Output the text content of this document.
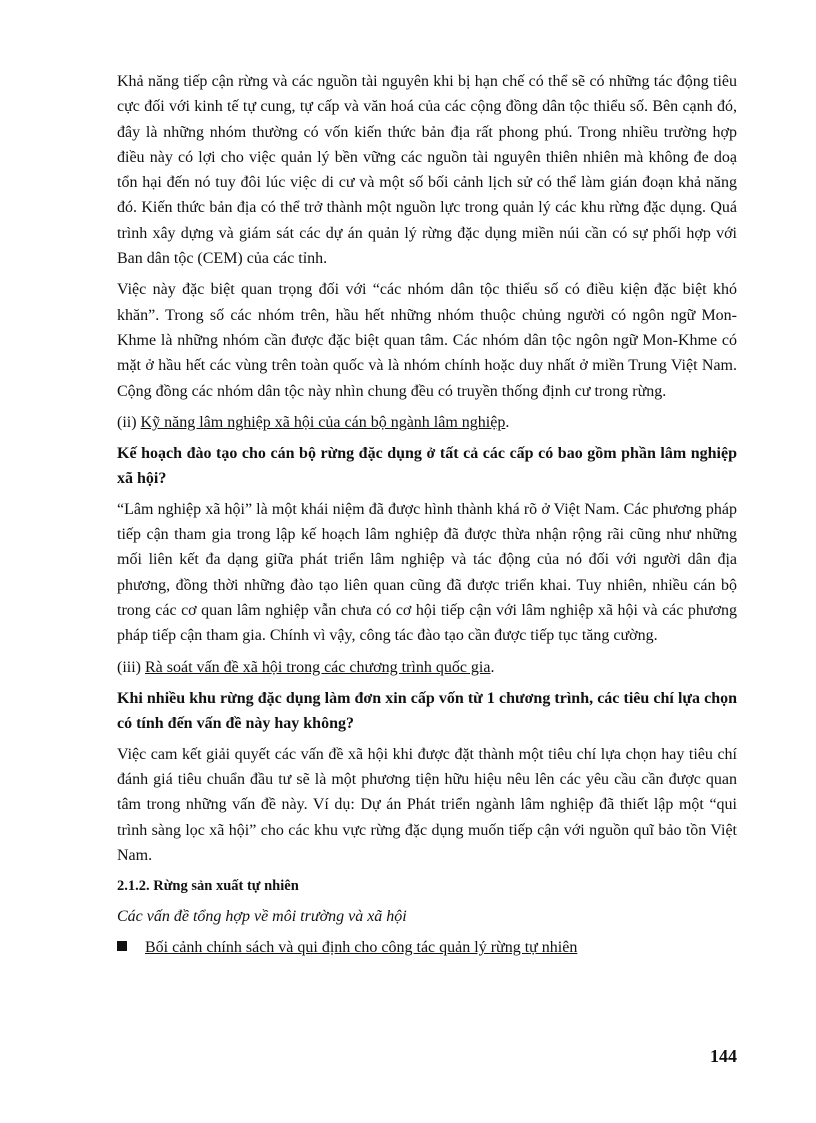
Khả năng tiếp cận rừng và các nguồn tài nguyên khi bị hạn chế có thể sẽ có những tác động tiêu cực đối với kinh tế tự cung, tự cấp và văn hoá của các cộng đồng dân tộc thiểu số. Bên cạnh đó, đây là những nhóm thường có vốn kiến thức bản địa rất phong phú. Trong nhiều trường hợp điều này có lợi cho việc quản lý bền vững các nguồn tài nguyên thiên nhiên mà không đe doạ tổn hại đến nó tuy đôi lúc việc di cư và một số bối cảnh lịch sử có thể làm gián đoạn khả năng đó. Kiến thức bản địa có thể trở thành một nguồn lực trong quản lý các khu rừng đặc dụng. Quá trình xây dựng và giám sát các dự án quản lý rừng đặc dụng miền núi cần có sự phối hợp với Ban dân tộc (CEM) của các tỉnh.

Việc này đặc biệt quan trọng đối với “các nhóm dân tộc thiểu số có điều kiện đặc biệt khó khăn”. Trong số các nhóm trên, hầu hết những nhóm thuộc chủng người có ngôn ngữ Mon-Khme là những nhóm cần được đặc biệt quan tâm. Các nhóm dân tộc ngôn ngữ Mon-Khme có mặt ở hầu hết các vùng trên toàn quốc và là nhóm chính hoặc duy nhất ở miền Trung Việt Nam. Cộng đồng các nhóm dân tộc này nhìn chung đều có truyền thống định cư trong rừng.

(ii) Kỹ năng lâm nghiệp xã hội của cán bộ ngành lâm nghiệp.
Kế hoạch đào tạo cho cán bộ rừng đặc dụng ở tất cả các cấp có bao gồm phần lâm nghiệp xã hội?

“Lâm nghiệp xã hội” là một khái niệm đã được hình thành khá rõ ở Việt Nam. Các phương pháp tiếp cận tham gia trong lập kế hoạch lâm nghiệp đã được thừa nhận rộng rãi cũng như những mối liên kết đa dạng giữa phát triển lâm nghiệp và tác động của nó đối với người dân địa phương, đồng thời những đào tạo liên quan cũng đã được triển khai. Tuy nhiên, nhiều cán bộ trong các cơ quan lâm nghiệp vẫn chưa có cơ hội tiếp cận với lâm nghiệp xã hội và các phương pháp tiếp cận tham gia. Chính vì vậy, công tác đào tạo cần được tiếp tục tăng cường.

(iii) Rà soát vấn đề xã hội trong các chương trình quốc gia.
Khi nhiều khu rừng đặc dụng làm đơn xin cấp vốn từ 1 chương trình, các tiêu chí lựa chọn có tính đến vấn đề này hay không?

Việc cam kết giải quyết các vấn đề xã hội khi được đặt thành một tiêu chí lựa chọn hay tiêu chí đánh giá tiêu chuẩn đầu tư sẽ là một phương tiện hữu hiệu nêu lên các yêu cầu cần được quan tâm trong những vấn đề này. Ví dụ: Dự án Phát triển ngành lâm nghiệp đã thiết lập một “qui trình sàng lọc xã hội” cho các khu vực rừng đặc dụng muốn tiếp cận với nguồn quĩ bảo tồn Việt Nam.

2.1.2. Rừng sản xuất tự nhiên
Các vấn đề tổng hợp về môi trường và xã hội
Bối cảnh chính sách và qui định cho công tác quản lý rừng tự nhiên
144
